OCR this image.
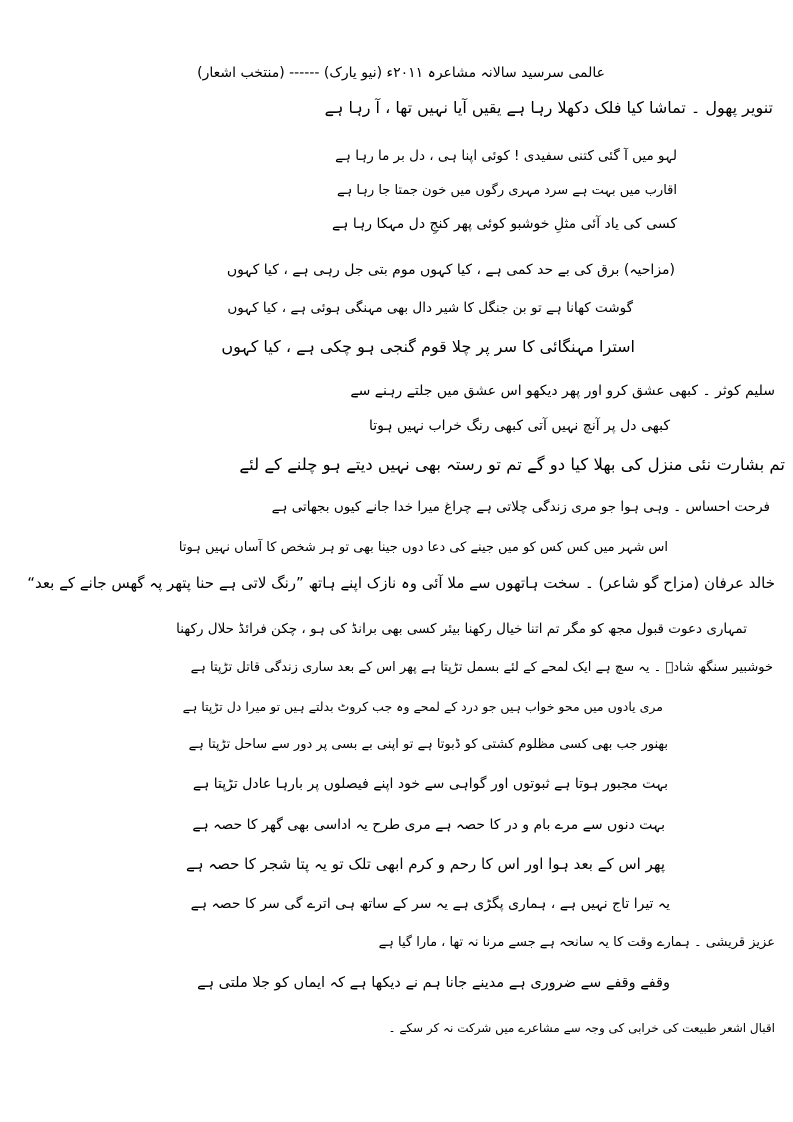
عالمی سرسید سالانہ مشاعرہ ۲۰۱۱ء (نیو یارک) ------ (منتخب اشعار)
تنویر پھول ۔ تماشا کیا فلک دکھلا رہا ہے یقیں آیا نہیں تھا ، آ رہا ہے
لہو میں آ گئی کتنی سفیدی ! کوئی اپنا ہی ، دل بر ما رہا ہے
اقارب میں بہت ہے سرد مہری رگوں میں خون جمتا جا رہا ہے
کسی کی یاد آئی مثلِ خوشبو کوئی پھر کنجِ دل مہکا رہا ہے
(مزاحیہ) برق کی بے حد کمی ہے ، کیا کہوں موم بتی جل رہی ہے ، کیا کہوں
گوشت کھانا ہے تو بن جنگل کا شیر دال بھی مہنگی ہوئی ہے ، کیا کہوں
استرا مہنگائی کا سر پر چلا قوم گنجی ہو چکی ہے ، کیا کہوں
سلیم کوثر ۔ کبھی عشق کرو اور پھر دیکھو اس عشق میں جلتے رہنے سے
کبھی دل پر آنچ نہیں آتی کبھی رنگ خراب نہیں ہوتا
تم بشارت نئی منزل کی بھلا کیا دو گے تم تو رستہ بھی نہیں دیتے ہو چلنے کے لئے
فرحت احساس ۔ وہی ہوا جو مری زندگی چلاتی ہے چراغ میرا خدا جانے کیوں بجھاتی ہے
اس شہر میں کس کس کو میں جینے کی دعا دوں جینا بھی تو ہر شخص کا آساں نہیں ہوتا
خالد عرفان (مزاح گو شاعر) ۔ سخت ہاتھوں سے ملا آئی وہ نازک اپنے ہاتھ ”رنگ لاتی ہے حنا پتھر پہ گھس جانے کے بعد“
تمہاری دعوت قبول مجھ کو مگر تم اتنا خیال رکھنا بیئر کسی بھی برانڈ کی ہو ، چکن فرائڈ حلال رکھنا
خوشبیر سنگھ شادؔ ۔ یہ سچ ہے ایک لمحے کے لئے بسمل تڑپتا ہے پھر اس کے بعد ساری زندگی قاتل تڑپتا ہے
مری یادوں میں محو خواب ہیں جو درد کے لمحے وہ جب کروٹ بدلتے ہیں تو میرا دل تڑپتا ہے
بھنور جب بھی کسی مظلوم کشتی کو ڈبوتا ہے تو اپنی بے بسی پر دور سے ساحل تڑپتا ہے
بہت مجبور ہوتا ہے ثبوتوں اور گواہی سے خود اپنے فیصلوں پر بارہا عادل تڑپتا ہے
بہت دنوں سے مرے بام و در کا حصہ ہے مری طرح یہ اداسی بھی گھر کا حصہ ہے
پھر اس کے بعد ہوا اور اس کا رحم و کرم ابھی تلک تو یہ پتا شجر کا حصہ ہے
یہ تیرا تاج نہیں ہے ، ہماری پگڑی ہے یہ سر کے ساتھ ہی اترے گی سر کا حصہ ہے
عزیز قریشی ۔ ہمارے وقت کا یہ سانحہ ہے جسے مرنا نہ تھا ، مارا گیا ہے
وقفے وقفے سے ضروری ہے مدینے جانا ہم نے دیکھا ہے کہ ایماں کو جلا ملتی ہے
اقبال اشعر طبیعت کی خرابی کی وجہ سے مشاعرے میں شرکت نہ کر سکے ۔
